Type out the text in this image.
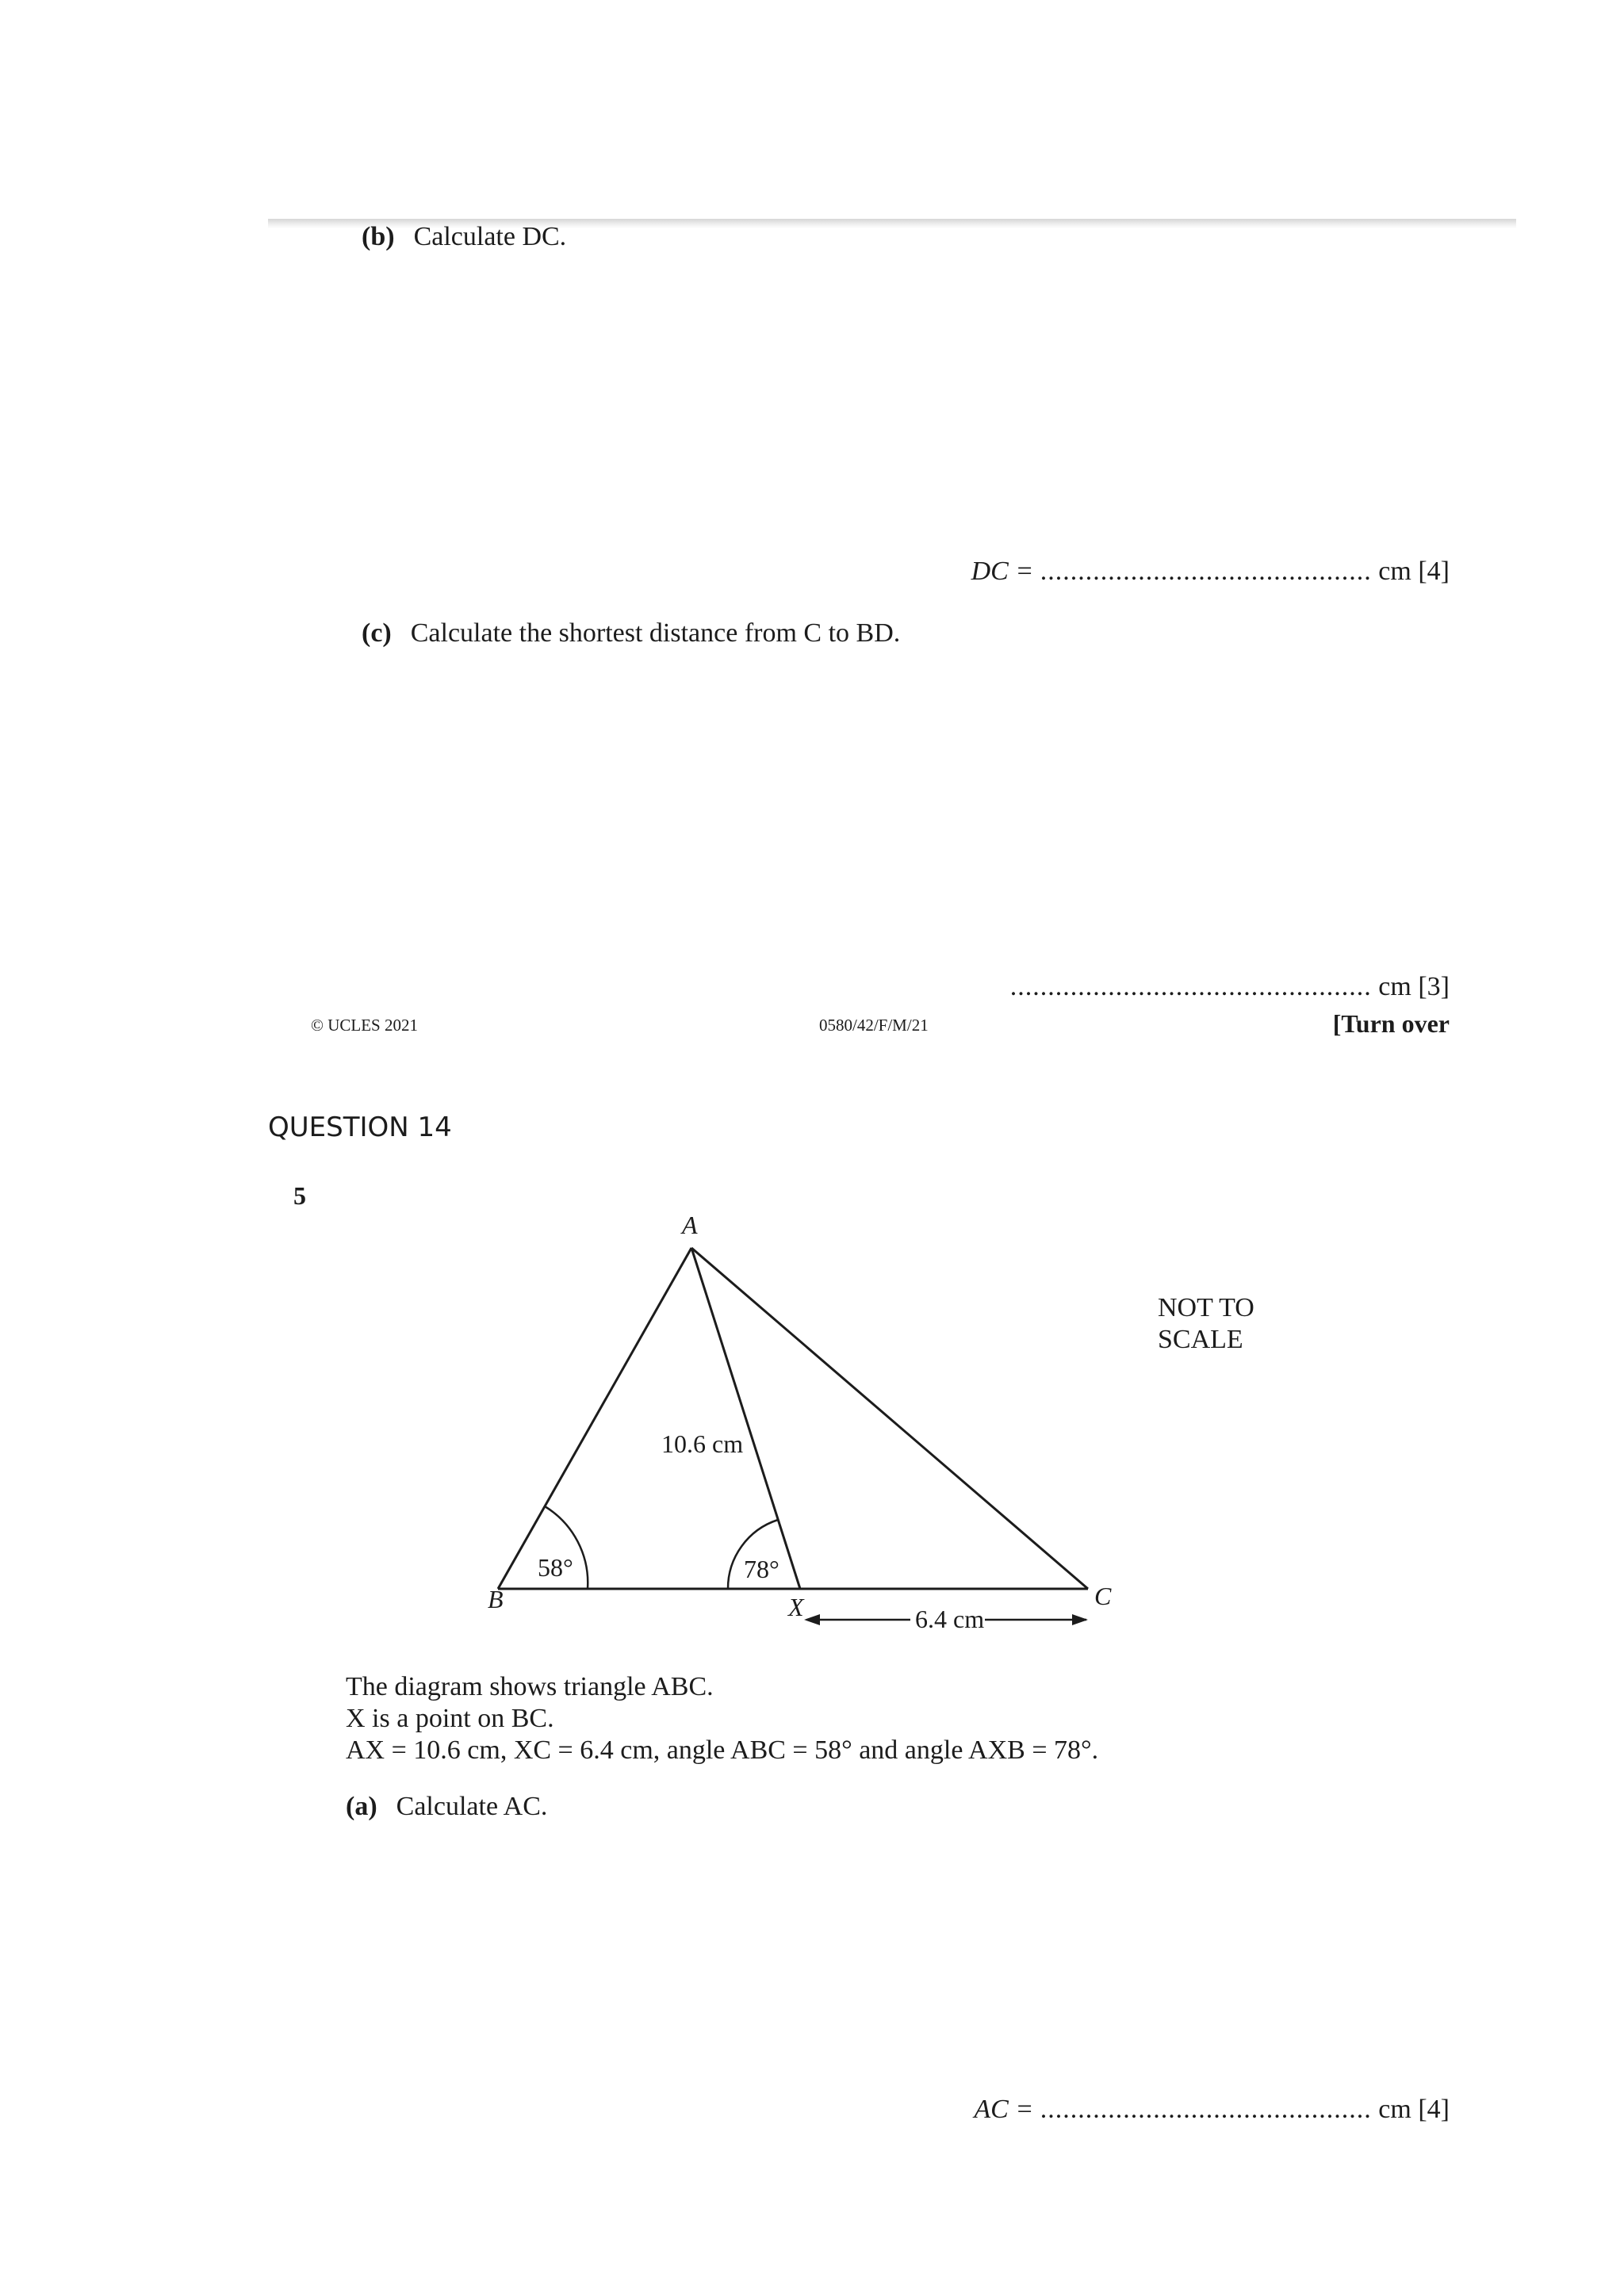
(b) Calculate DC.
DC = ............................................ cm [4]
(c) Calculate the shortest distance from C to BD.
................................................ cm [3]
© UCLES 2021	0580/42/F/M/21	[Turn over
QUESTION 14
5
A
B	C
X
10.6 cm
6.4 cm
58°	78°
NOT TO
SCALE
The diagram shows triangle ABC.
X is a point on BC.
AX = 10.6 cm, XC = 6.4 cm, angle ABC = 58° and angle AXB = 78°.
(a) Calculate AC.
AC = ............................................ cm [4]
